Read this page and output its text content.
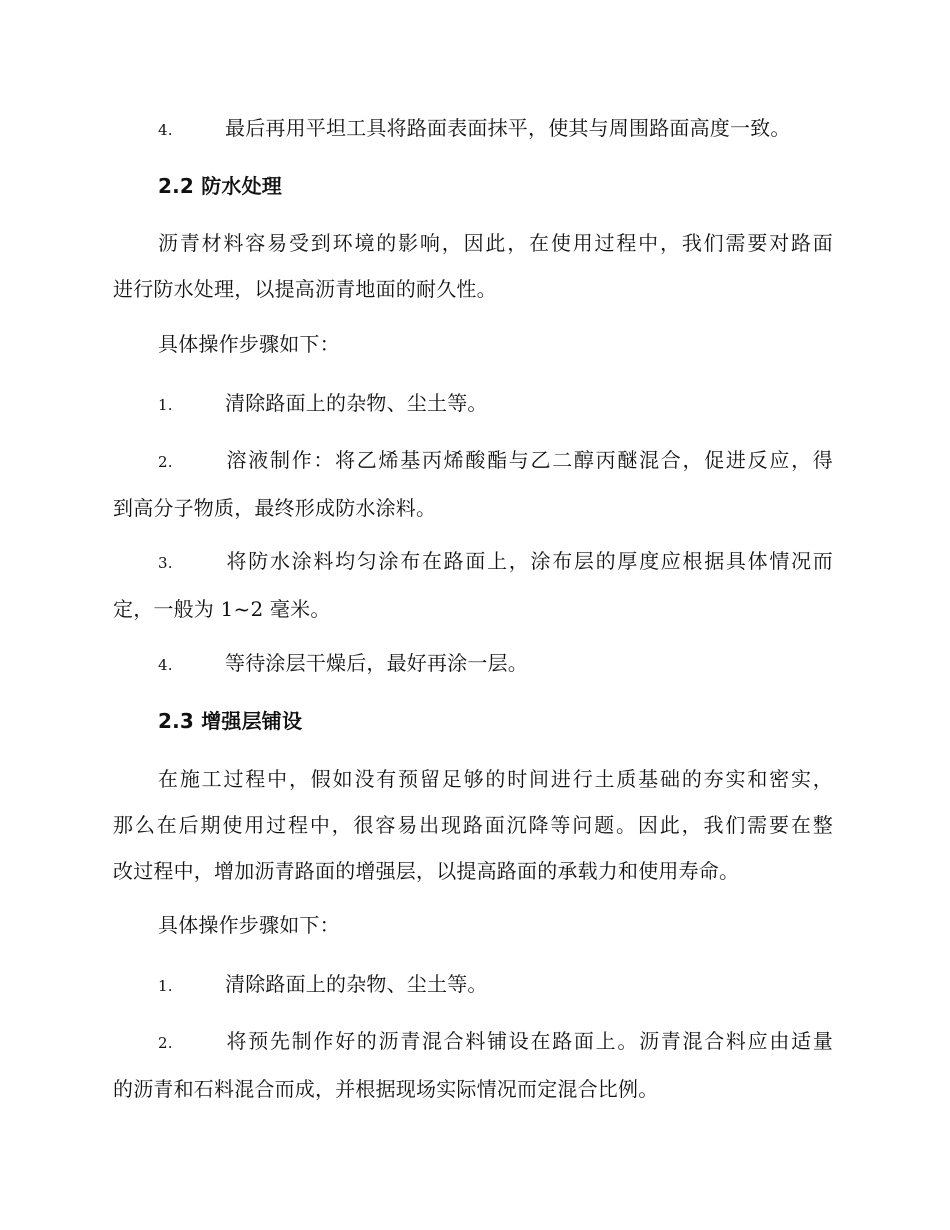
4.	最后再用平坦工具将路面表面抹平，使其与周围路面高度一致。
2.2 防水处理
沥青材料容易受到环境的影响，因此，在使用过程中，我们需要对路面
进行防水处理，以提高沥青地面的耐久性。
具体操作步骤如下：
1.	清除路面上的杂物、尘土等。
2.	溶液制作：将乙烯基丙烯酸酯与乙二醇丙醚混合，促进反应，得
到高分子物质，最终形成防水涂料。
3.	将防水涂料均匀涂布在路面上，涂布层的厚度应根据具体情况而
定，一般为 1~2 毫米。
4.	等待涂层干燥后，最好再涂一层。
2.3 增强层铺设
在施工过程中，假如没有预留足够的时间进行土质基础的夯实和密实，
那么在后期使用过程中，很容易出现路面沉降等问题。因此，我们需要在整
改过程中，增加沥青路面的增强层，以提高路面的承载力和使用寿命。
具体操作步骤如下：
1.	清除路面上的杂物、尘土等。
2.	将预先制作好的沥青混合料铺设在路面上。沥青混合料应由适量
的沥青和石料混合而成，并根据现场实际情况而定混合比例。
